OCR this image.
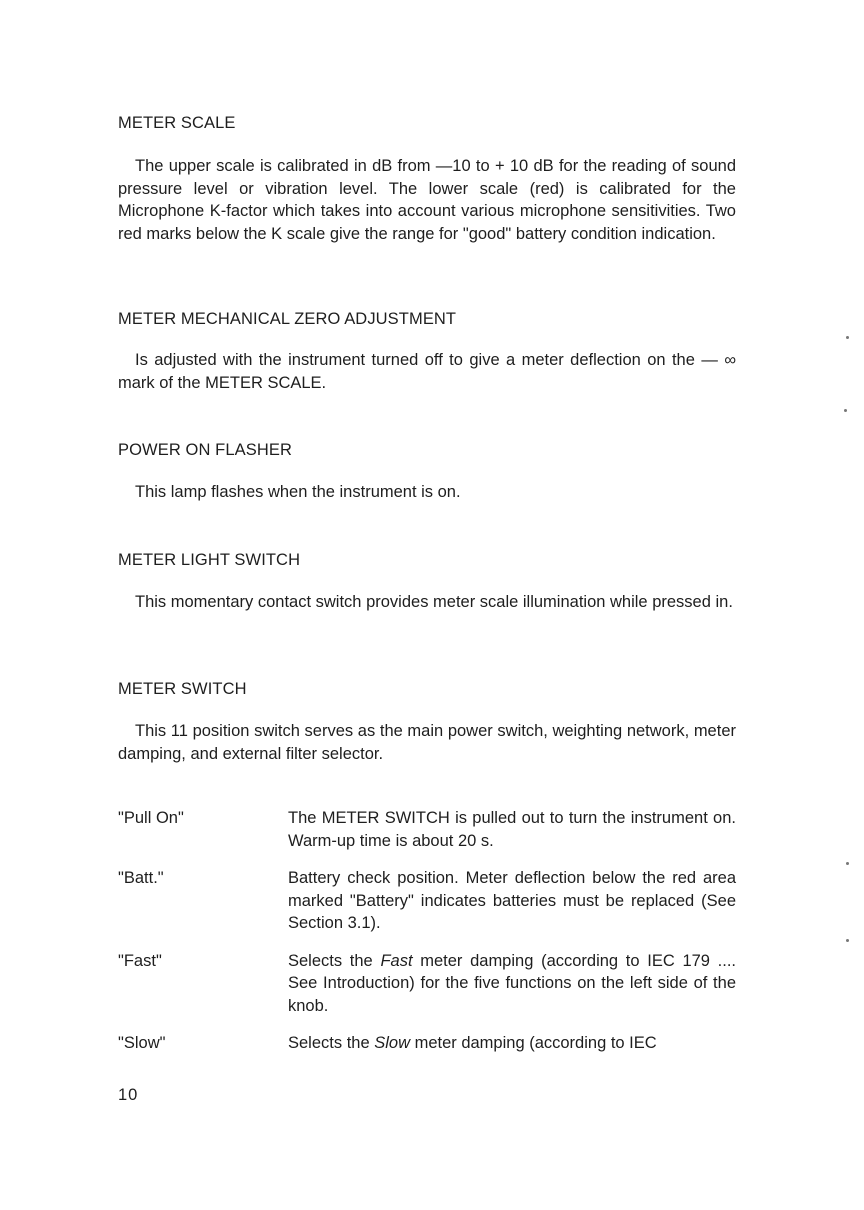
METER SCALE

The upper scale is calibrated in dB from —10 to + 10 dB for the reading of sound pressure level or vibration level. The lower scale (red) is calibrated for the Microphone K-factor which takes into account various microphone sensitivities. Two red marks below the K scale give the range for "good" battery condition indication.

METER MECHANICAL ZERO ADJUSTMENT

Is adjusted with the instrument turned off to give a meter deflection on the — ∞ mark of the METER SCALE.

POWER ON FLASHER

This lamp flashes when the instrument is on.

METER LIGHT SWITCH

This momentary contact switch provides meter scale illumination while pressed in.

METER SWITCH

This 11 position switch serves as the main power switch, weighting network, meter damping, and external filter selector.

"Pull On"	The METER SWITCH is pulled out to turn the instrument on. Warm-up time is about 20 s.
"Batt."	Battery check position. Meter deflection below the red area marked "Battery" indicates batteries must be replaced (See Section 3.1).
"Fast"	Selects the Fast meter damping (according to IEC 179 .... See Introduction) for the five functions on the left side of the knob.
"Slow"	Selects the Slow meter damping (according to IEC
10
